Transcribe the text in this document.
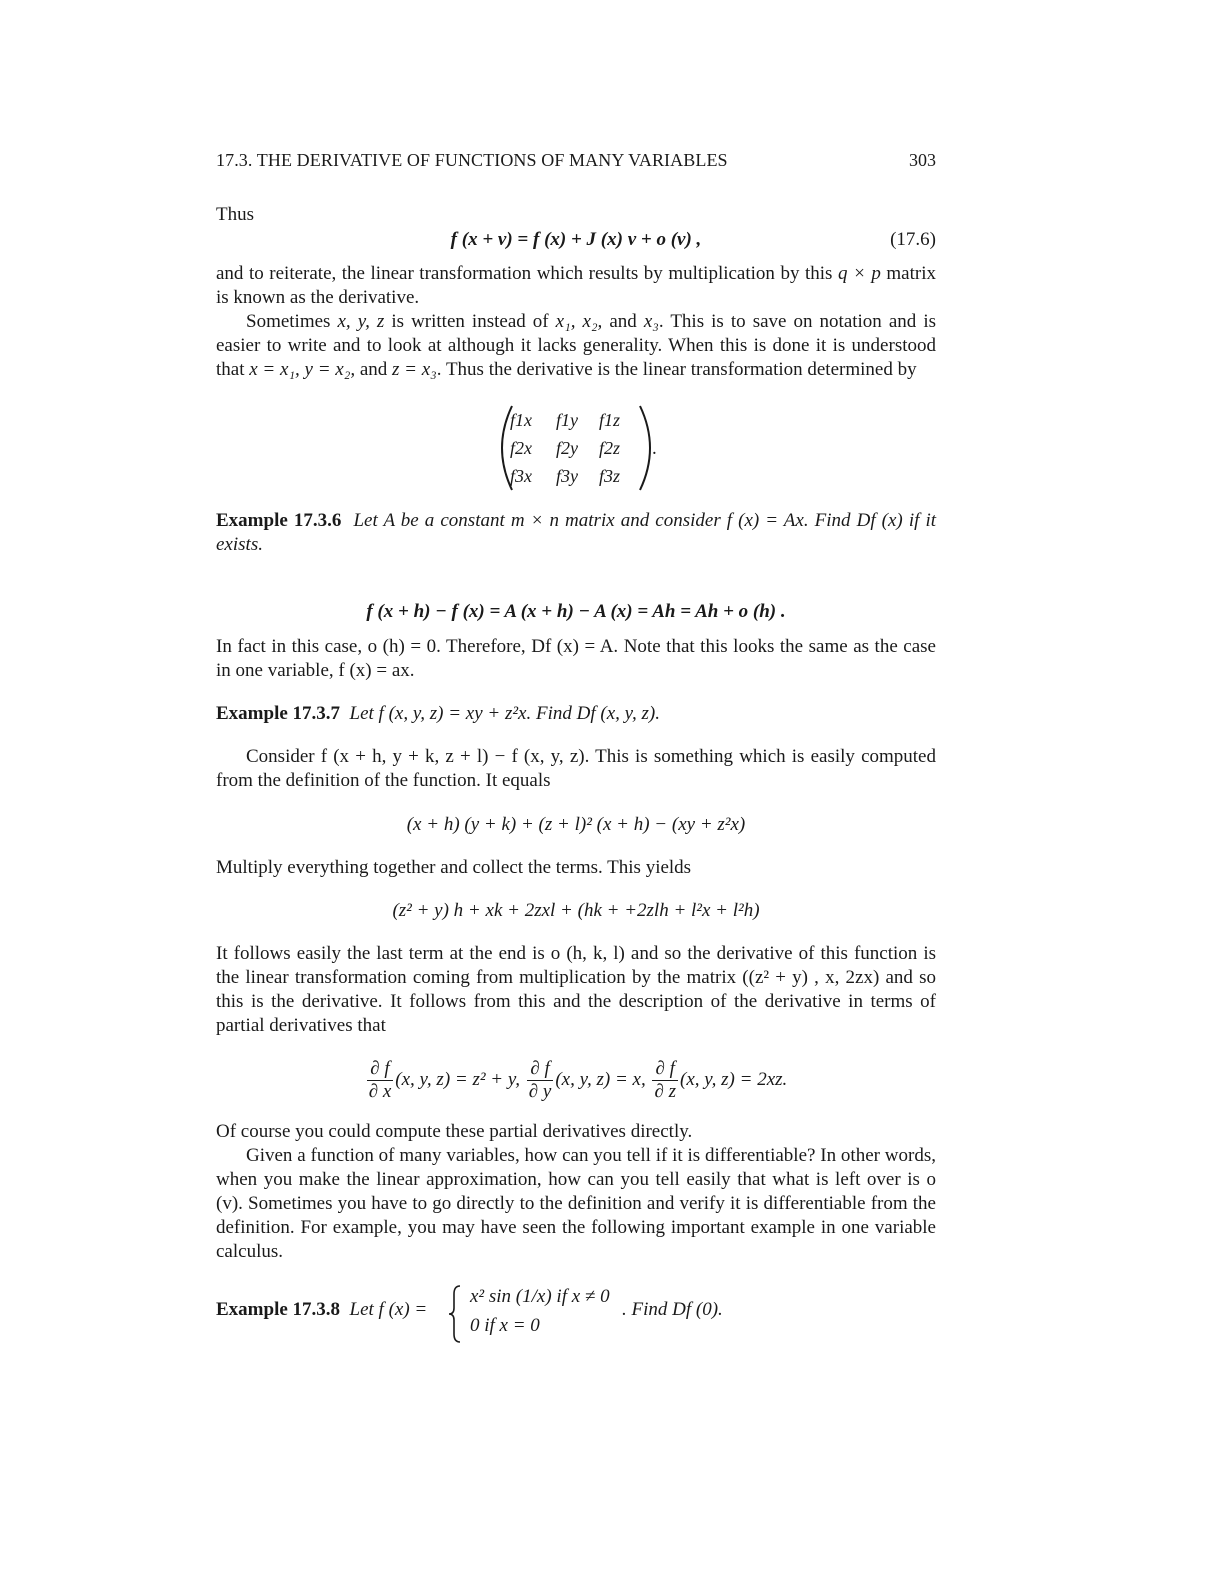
17.3. THE DERIVATIVE OF FUNCTIONS OF MANY VARIABLES	303
Thus
f (x + v) = f (x) + J (x) v + o (v) ,	(17.6)
and to reiterate, the linear transformation which results by multiplication by this q × p matrix is known as the derivative.
Sometimes x, y, z is written instead of x₁, x₂, and x₃. This is to save on notation and is easier to write and to look at although it lacks generality. When this is done it is understood that x = x₁, y = x₂, and z = x₃. Thus the derivative is the linear transformation determined by
f1x f1y f1z
f2x f2y f2z
f3x f3y f3z
.
Example 17.3.6 Let A be a constant m × n matrix and consider f (x) = Ax. Find Df (x) if it exists.
f (x + h) − f (x) = A (x + h) − A (x) = Ah = Ah + o (h) .
In fact in this case, o (h) = 0. Therefore, Df (x) = A. Note that this looks the same as the case in one variable, f (x) = ax.
Example 17.3.7 Let f (x, y, z) = xy + z²x. Find Df (x, y, z).
Consider f (x + h, y + k, z + l) − f (x, y, z). This is something which is easily computed from the definition of the function. It equals
(x + h) (y + k) + (z + l)² (x + h) − (xy + z²x)
Multiply everything together and collect the terms. This yields
(z² + y) h + xk + 2zxl + (hk + +2zlh + l²x + l²h)
It follows easily the last term at the end is o (h, k, l) and so the derivative of this function is the linear transformation coming from multiplication by the matrix ((z² + y) , x, 2zx) and so this is the derivative. It follows from this and the description of the derivative in terms of partial derivatives that
$\frac{\partial f}{\partial x} (x$, y, z) = z² + y, $\frac{\partial f}{\partial y} (x$, y, z) = x, $\frac{\partial f}{\partial z} (x$, y, z) = 2xz.
Of course you could compute these partial derivatives directly.
Given a function of many variables, how can you tell if it is differentiable? In other words, when you make the linear approximation, how can you tell easily that what is left over is o (v). Sometimes you have to go directly to the definition and verify it is differentiable from the definition. For example, you may have seen the following important example in one variable calculus.
Example 17.3.8 Let f (x) =
x² sin (1/x) if x ≠ 0
0 if x = 0
. Find Df (0).
